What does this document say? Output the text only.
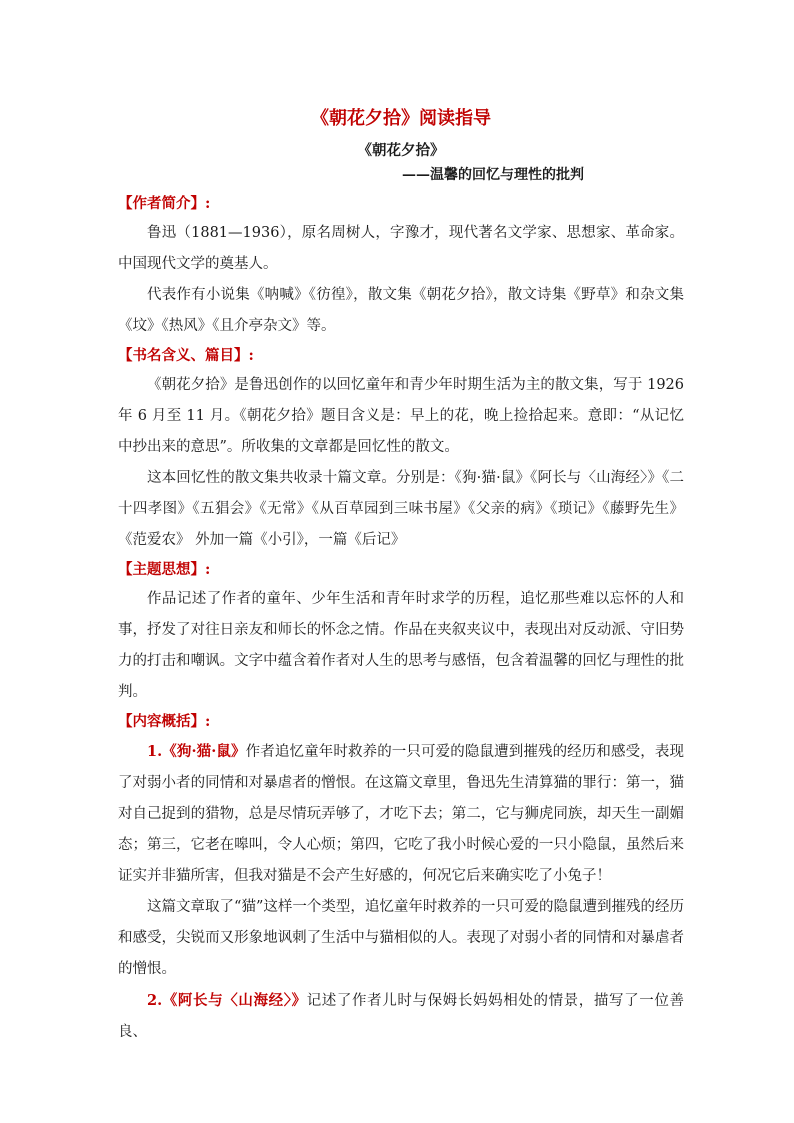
《朝花夕拾》阅读指导
《朝花夕拾》
——温馨的回忆与理性的批判
【作者简介】:

鲁迅（1881—1936），原名周树人，字豫才，现代著名文学家、思想家、革命家。中国现代文学的奠基人。

代表作有小说集《呐喊》《彷徨》，散文集《朝花夕拾》，散文诗集《野草》和杂文集《坟》《热风》《且介亭杂文》等。

【书名含义、篇目】:

《朝花夕拾》是鲁迅创作的以回忆童年和青少年时期生活为主的散文集，写于 1926 年 6 月至 11 月。《朝花夕拾》题目含义是：早上的花，晚上捡拾起来。意即：“从记忆中抄出来的意思”。所收集的文章都是回忆性的散文。

这本回忆性的散文集共收录十篇文章。分别是：《狗·猫·鼠》《阿长与〈山海经〉》《二十四孝图》《五猖会》《无常》《从百草园到三味书屋》《父亲的病》《琐记》《藤野先生》《范爱农》 外加一篇《小引》，一篇《后记》

【主题思想】:

作品记述了作者的童年、少年生活和青年时求学的历程，追忆那些难以忘怀的人和事，抒发了对往日亲友和师长的怀念之情。作品在夹叙夹议中，表现出对反动派、守旧势力的打击和嘲讽。文字中蕴含着作者对人生的思考与感悟，包含着温馨的回忆与理性的批判。

【内容概括】:

1.《狗·猫·鼠》作者追忆童年时救养的一只可爱的隐鼠遭到摧残的经历和感受，表现了对弱小者的同情和对暴虐者的憎恨。在这篇文章里，鲁迅先生清算猫的罪行：第一，猫对自己捉到的猎物，总是尽情玩弄够了，才吃下去；第二，它与狮虎同族，却天生一副媚态；第三，它老在嗥叫，令人心烦；第四，它吃了我小时候心爱的一只小隐鼠，虽然后来证实并非猫所害，但我对猫是不会产生好感的，何况它后来确实吃了小兔子！

这篇文章取了“猫”这样一个类型，追忆童年时救养的一只可爱的隐鼠遭到摧残的经历和感受，尖锐而又形象地讽刺了生活中与猫相似的人。表现了对弱小者的同情和对暴虐者的憎恨。

2.《阿长与〈山海经〉》记述了作者儿时与保姆长妈妈相处的情景，描写了一位善良、
